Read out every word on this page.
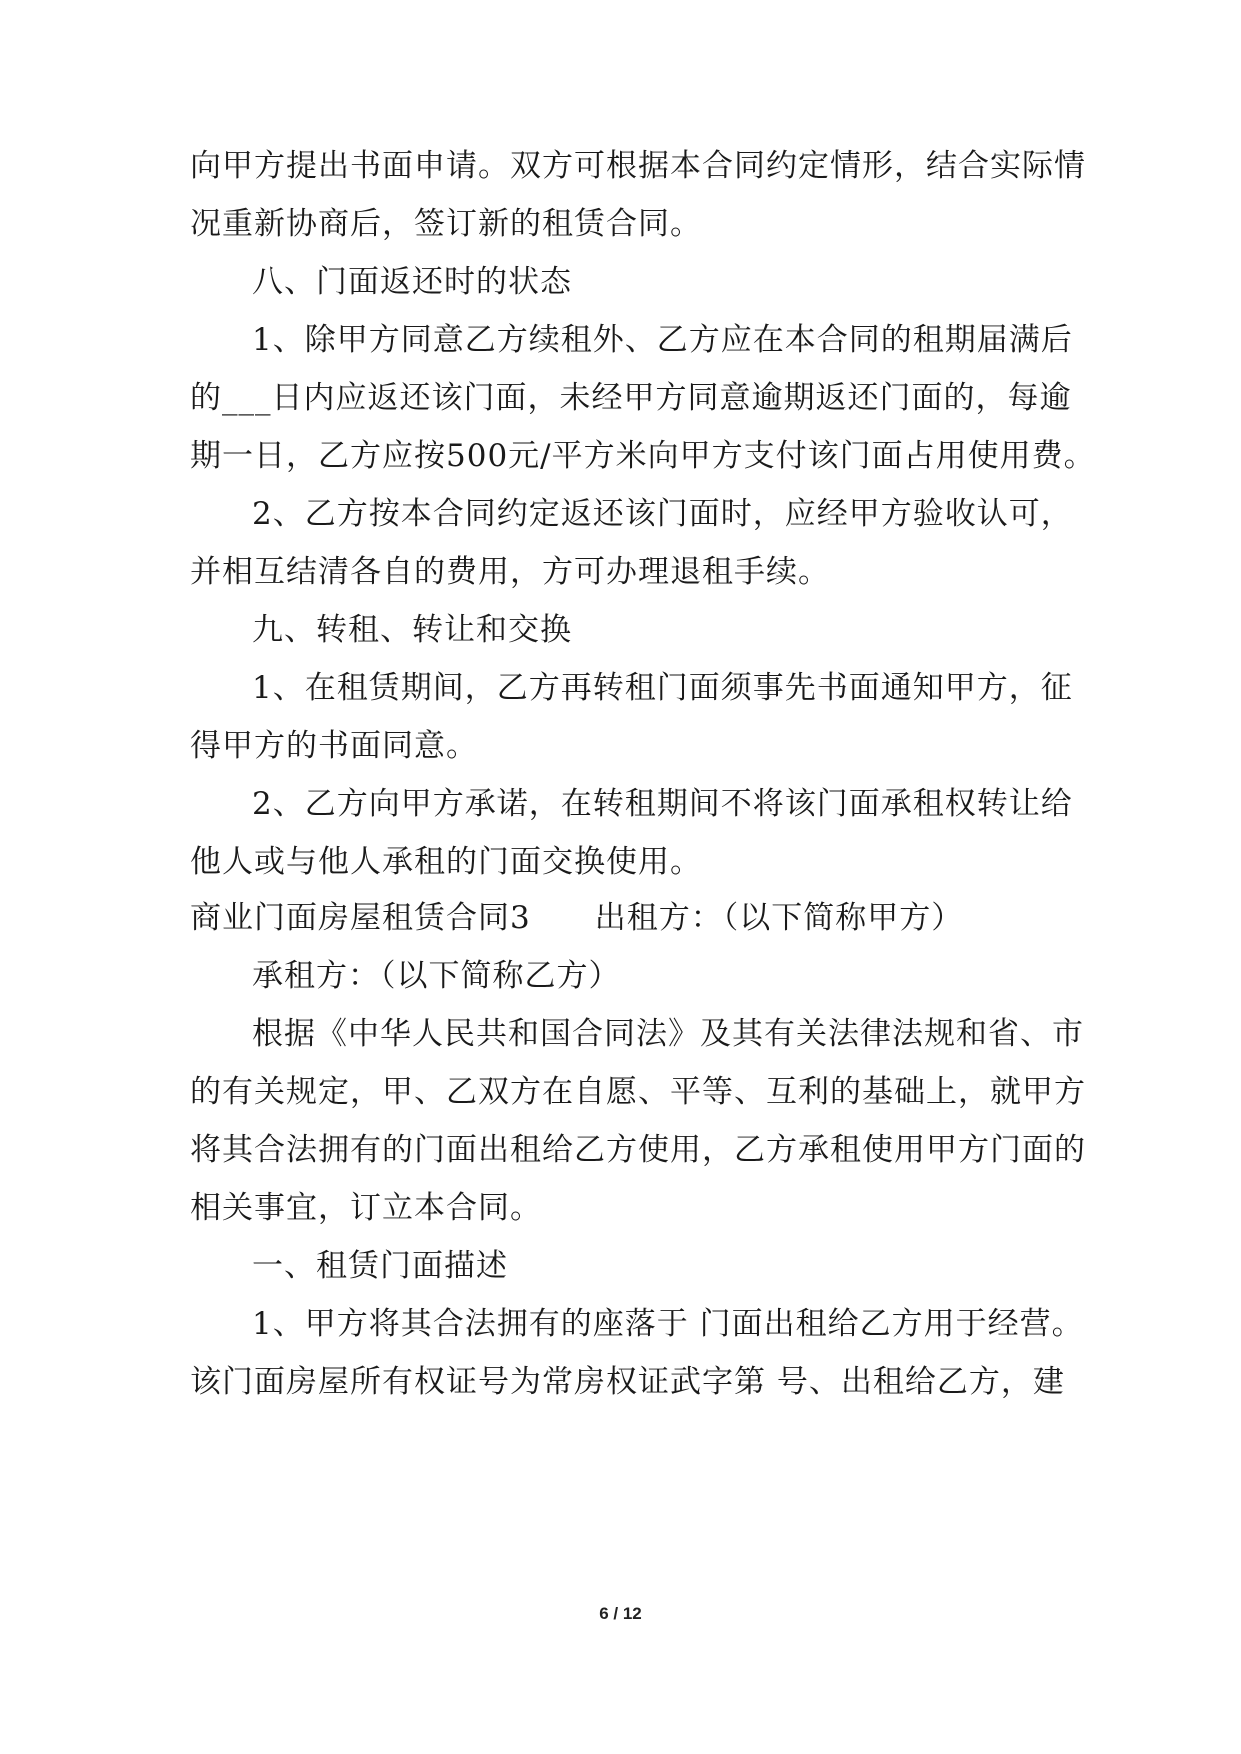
向甲方提出书面申请。双方可根据本合同约定情形，结合实际情
况重新协商后，签订新的租赁合同。
八、门面返还时的状态
1、除甲方同意乙方续租外、乙方应在本合同的租期届满后
的___日内应返还该门面，未经甲方同意逾期返还门面的，每逾
期一日，乙方应按500元/平方米向甲方支付该门面占用使用费。
2、乙方按本合同约定返还该门面时，应经甲方验收认可，
并相互结清各自的费用，方可办理退租手续。
九、转租、转让和交换
1、在租赁期间，乙方再转租门面须事先书面通知甲方，征
得甲方的书面同意。
2、乙方向甲方承诺，在转租期间不将该门面承租权转让给
他人或与他人承租的门面交换使用。
商业门面房屋租赁合同3　　出租方：（以下简称甲方）
承租方：（以下简称乙方）
根据《中华人民共和国合同法》及其有关法律法规和省、市
的有关规定，甲、乙双方在自愿、平等、互利的基础上，就甲方
将其合法拥有的门面出租给乙方使用，乙方承租使用甲方门面的
相关事宜，订立本合同。
一、租赁门面描述
1、甲方将其合法拥有的座落于 门面出租给乙方用于经营。
该门面房屋所有权证号为常房权证武字第 号、出租给乙方，建
6 / 12
